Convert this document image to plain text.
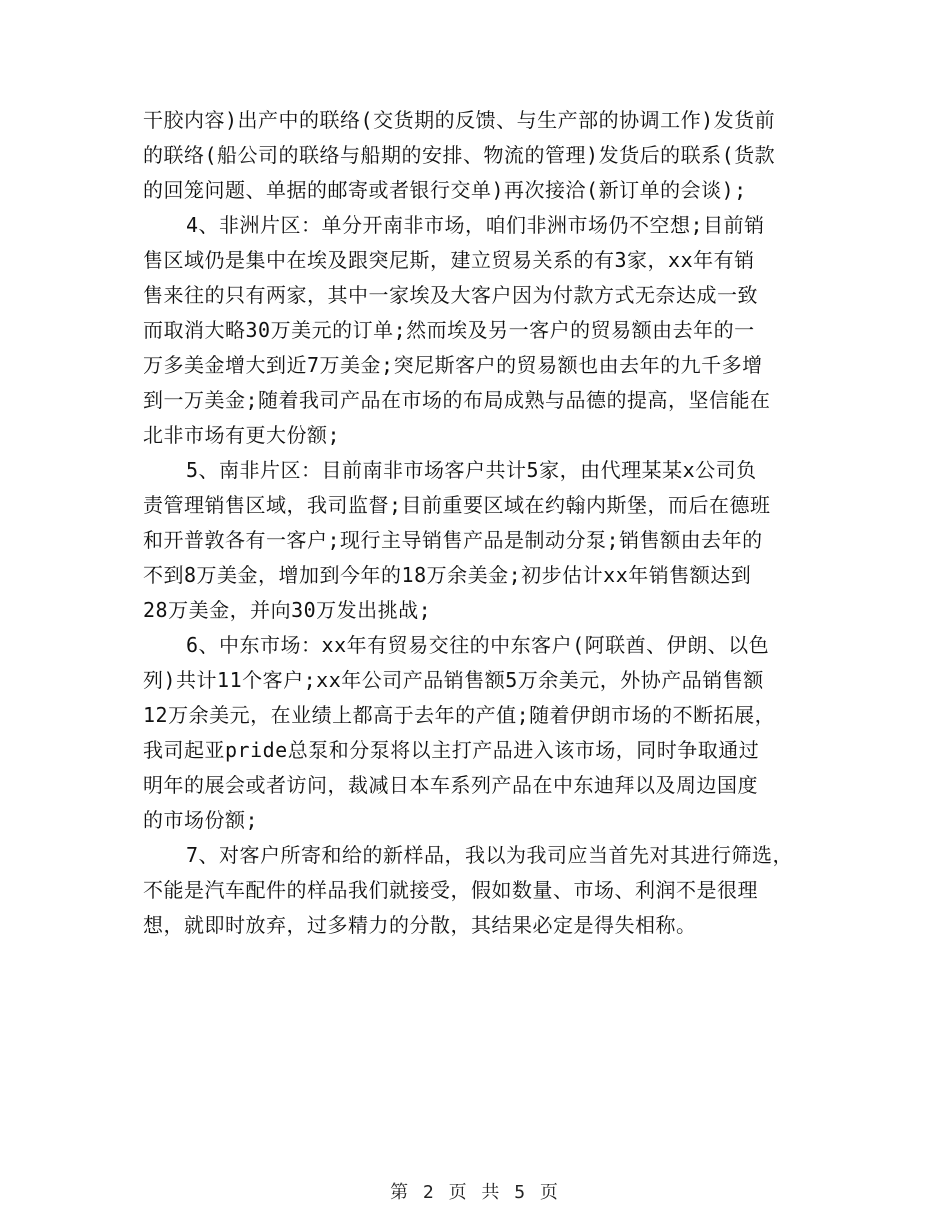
干胶内容)出产中的联络(交货期的反馈、与生产部的协调工作)发货前
的联络(船公司的联络与船期的安排、物流的管理)发货后的联系(货款
的回笼问题、单据的邮寄或者银行交单)再次接洽(新订单的会谈);
4、非洲片区：单分开南非市场，咱们非洲市场仍不空想;目前销
售区域仍是集中在埃及跟突尼斯，建立贸易关系的有3家，xx年有销
售来往的只有两家，其中一家埃及大客户因为付款方式无奈达成一致
而取消大略30万美元的订单;然而埃及另一客户的贸易额由去年的一
万多美金增大到近7万美金;突尼斯客户的贸易额也由去年的九千多增
到一万美金;随着我司产品在市场的布局成熟与品德的提高，坚信能在
北非市场有更大份额;
5、南非片区：目前南非市场客户共计5家，由代理某某x公司负
责管理销售区域，我司监督;目前重要区域在约翰内斯堡，而后在德班
和开普敦各有一客户;现行主导销售产品是制动分泵;销售额由去年的
不到8万美金，增加到今年的18万余美金;初步估计xx年销售额达到
28万美金，并向30万发出挑战;
6、中东市场：xx年有贸易交往的中东客户(阿联酋、伊朗、以色
列)共计11个客户;xx年公司产品销售额5万余美元，外协产品销售额
12万余美元，在业绩上都高于去年的产值;随着伊朗市场的不断拓展，
我司起亚pride总泵和分泵将以主打产品进入该市场，同时争取通过
明年的展会或者访问，裁减日本车系列产品在中东迪拜以及周边国度
的市场份额;
7、对客户所寄和给的新样品，我以为我司应当首先对其进行筛选，
不能是汽车配件的样品我们就接受，假如数量、市场、利润不是很理
想，就即时放弃，过多精力的分散，其结果必定是得失相称。
第 2 页 共 5 页
